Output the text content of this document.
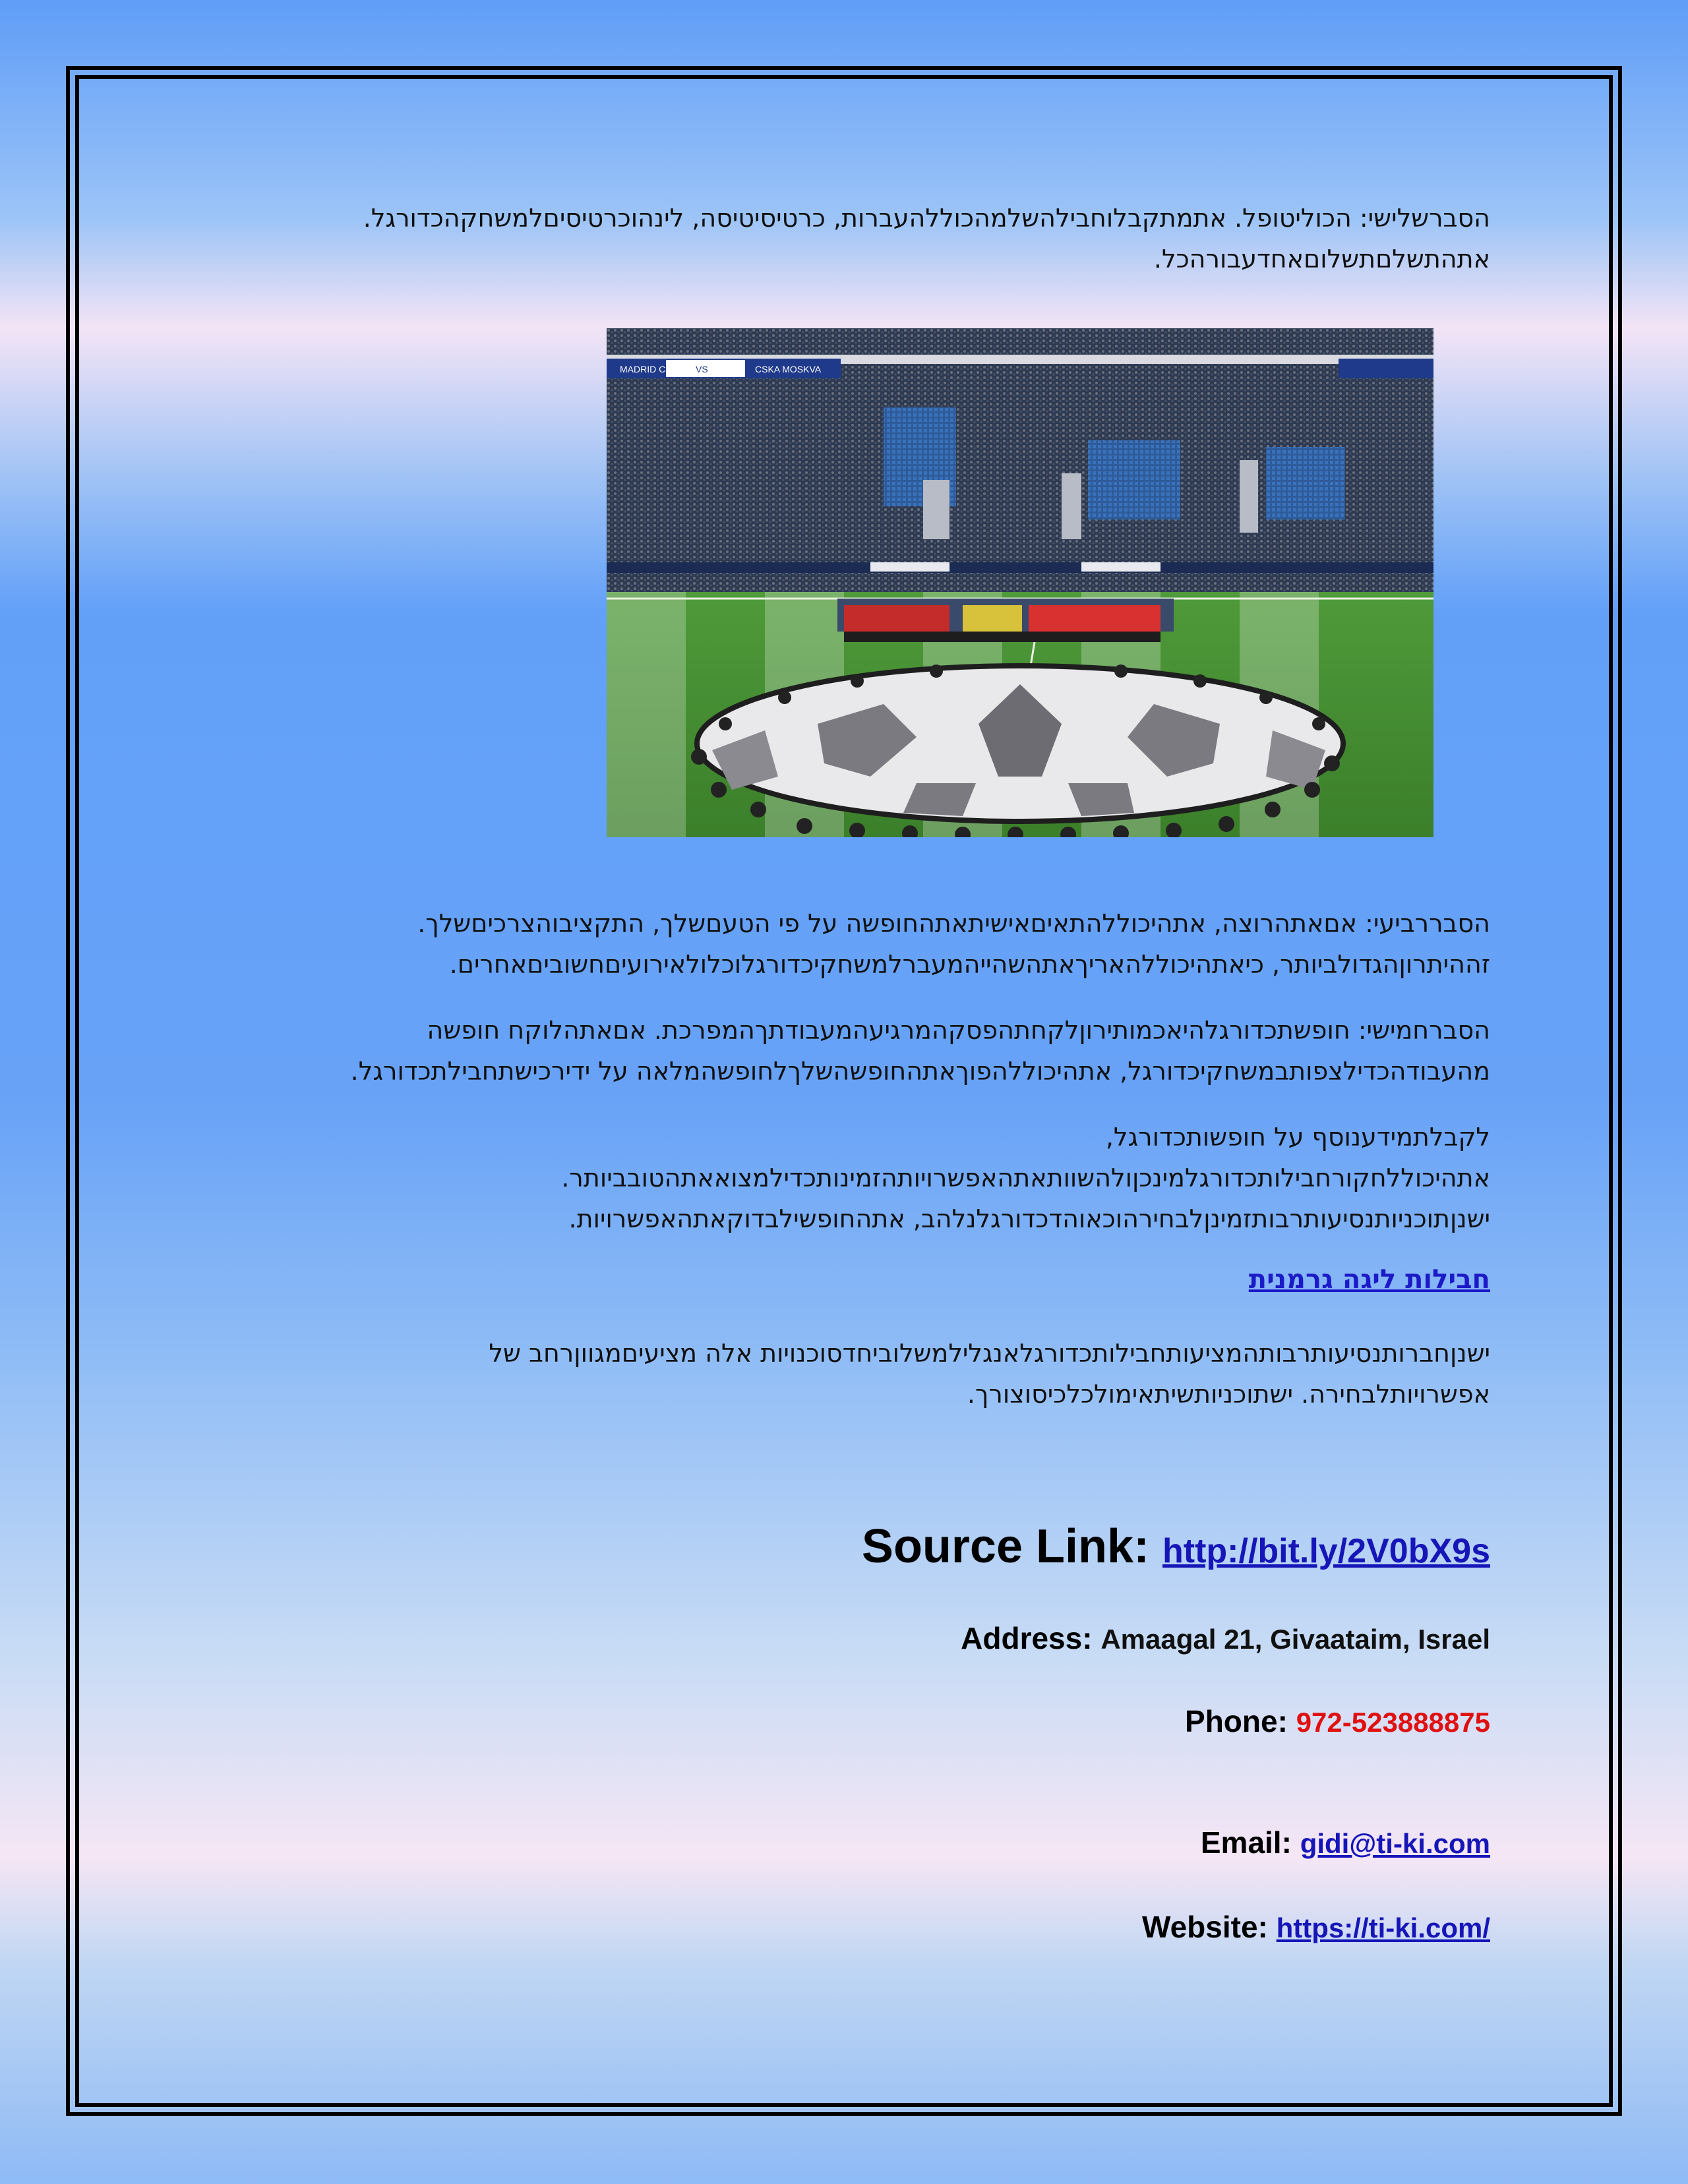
הסברשלישי: הכוליטופל. אתמתקבלוחבילהשלמהכוללהעברות, כרטיסיטיסה, לינהוכרטיסיםלמשחקהכדורגל.

אתהתשלםתשלוםאחדעבורהכל.

MADRID C.F. VS	CSKA MOSKVA

הסבררביעי: אםאתהרוצה, אתהיכוללהתאיםאישיתאתהחופשה על פי הטעםשלך, התקציבוהצרכיםשלך.

זההיתרוןהגדולביותר, כיאתהיכוללהאריךאתהשהייהמעברלמשחקיכדורגלוכלולאירועיםחשוביםאחרים.

הסברחמישי: חופשתכדורגלהיאכמותירוןלקחתהפסקהמרגיעהמעבודתךהמפרכת. אםאתהלוקח חופשה

מהעבודהכדילצפותבמשחקיכדורגל, אתהיכוללהפוךאתהחופשהשלךלחופשהמלאה על ידירכישתחבילתכדורגל.

לקבלתמידענוסף על חופשותכדורגל,

אתהיכוללחקורחבילותכדורגלמינכןולהשוותאתהאפשרויותהזמינותכדילמצואאתהטובביותר.

ישנןתוכניותנסיעותרבותזמינןלבחירהוכאוהדכדורגלנלהב, אתהחופשילבדוקאתהאפשרויות.

חבילות ליגה גרמנית

ישנןחברותנסיעותרבותהמציעותחבילותכדורגלאנגלילמשלוביחדסוכנויות אלה מציעיםמגווןרחב של

אפשרויותלבחירה. ישתוכניותשיתאימולכלכיסוצורך.

Source Link: http://bit.ly/2V0bX9s
Address: Amaagal 21, Givaataim, Israel
Phone: 972-523888875
Email: gidi@ti-ki.com
Website: https://ti-ki.com/
